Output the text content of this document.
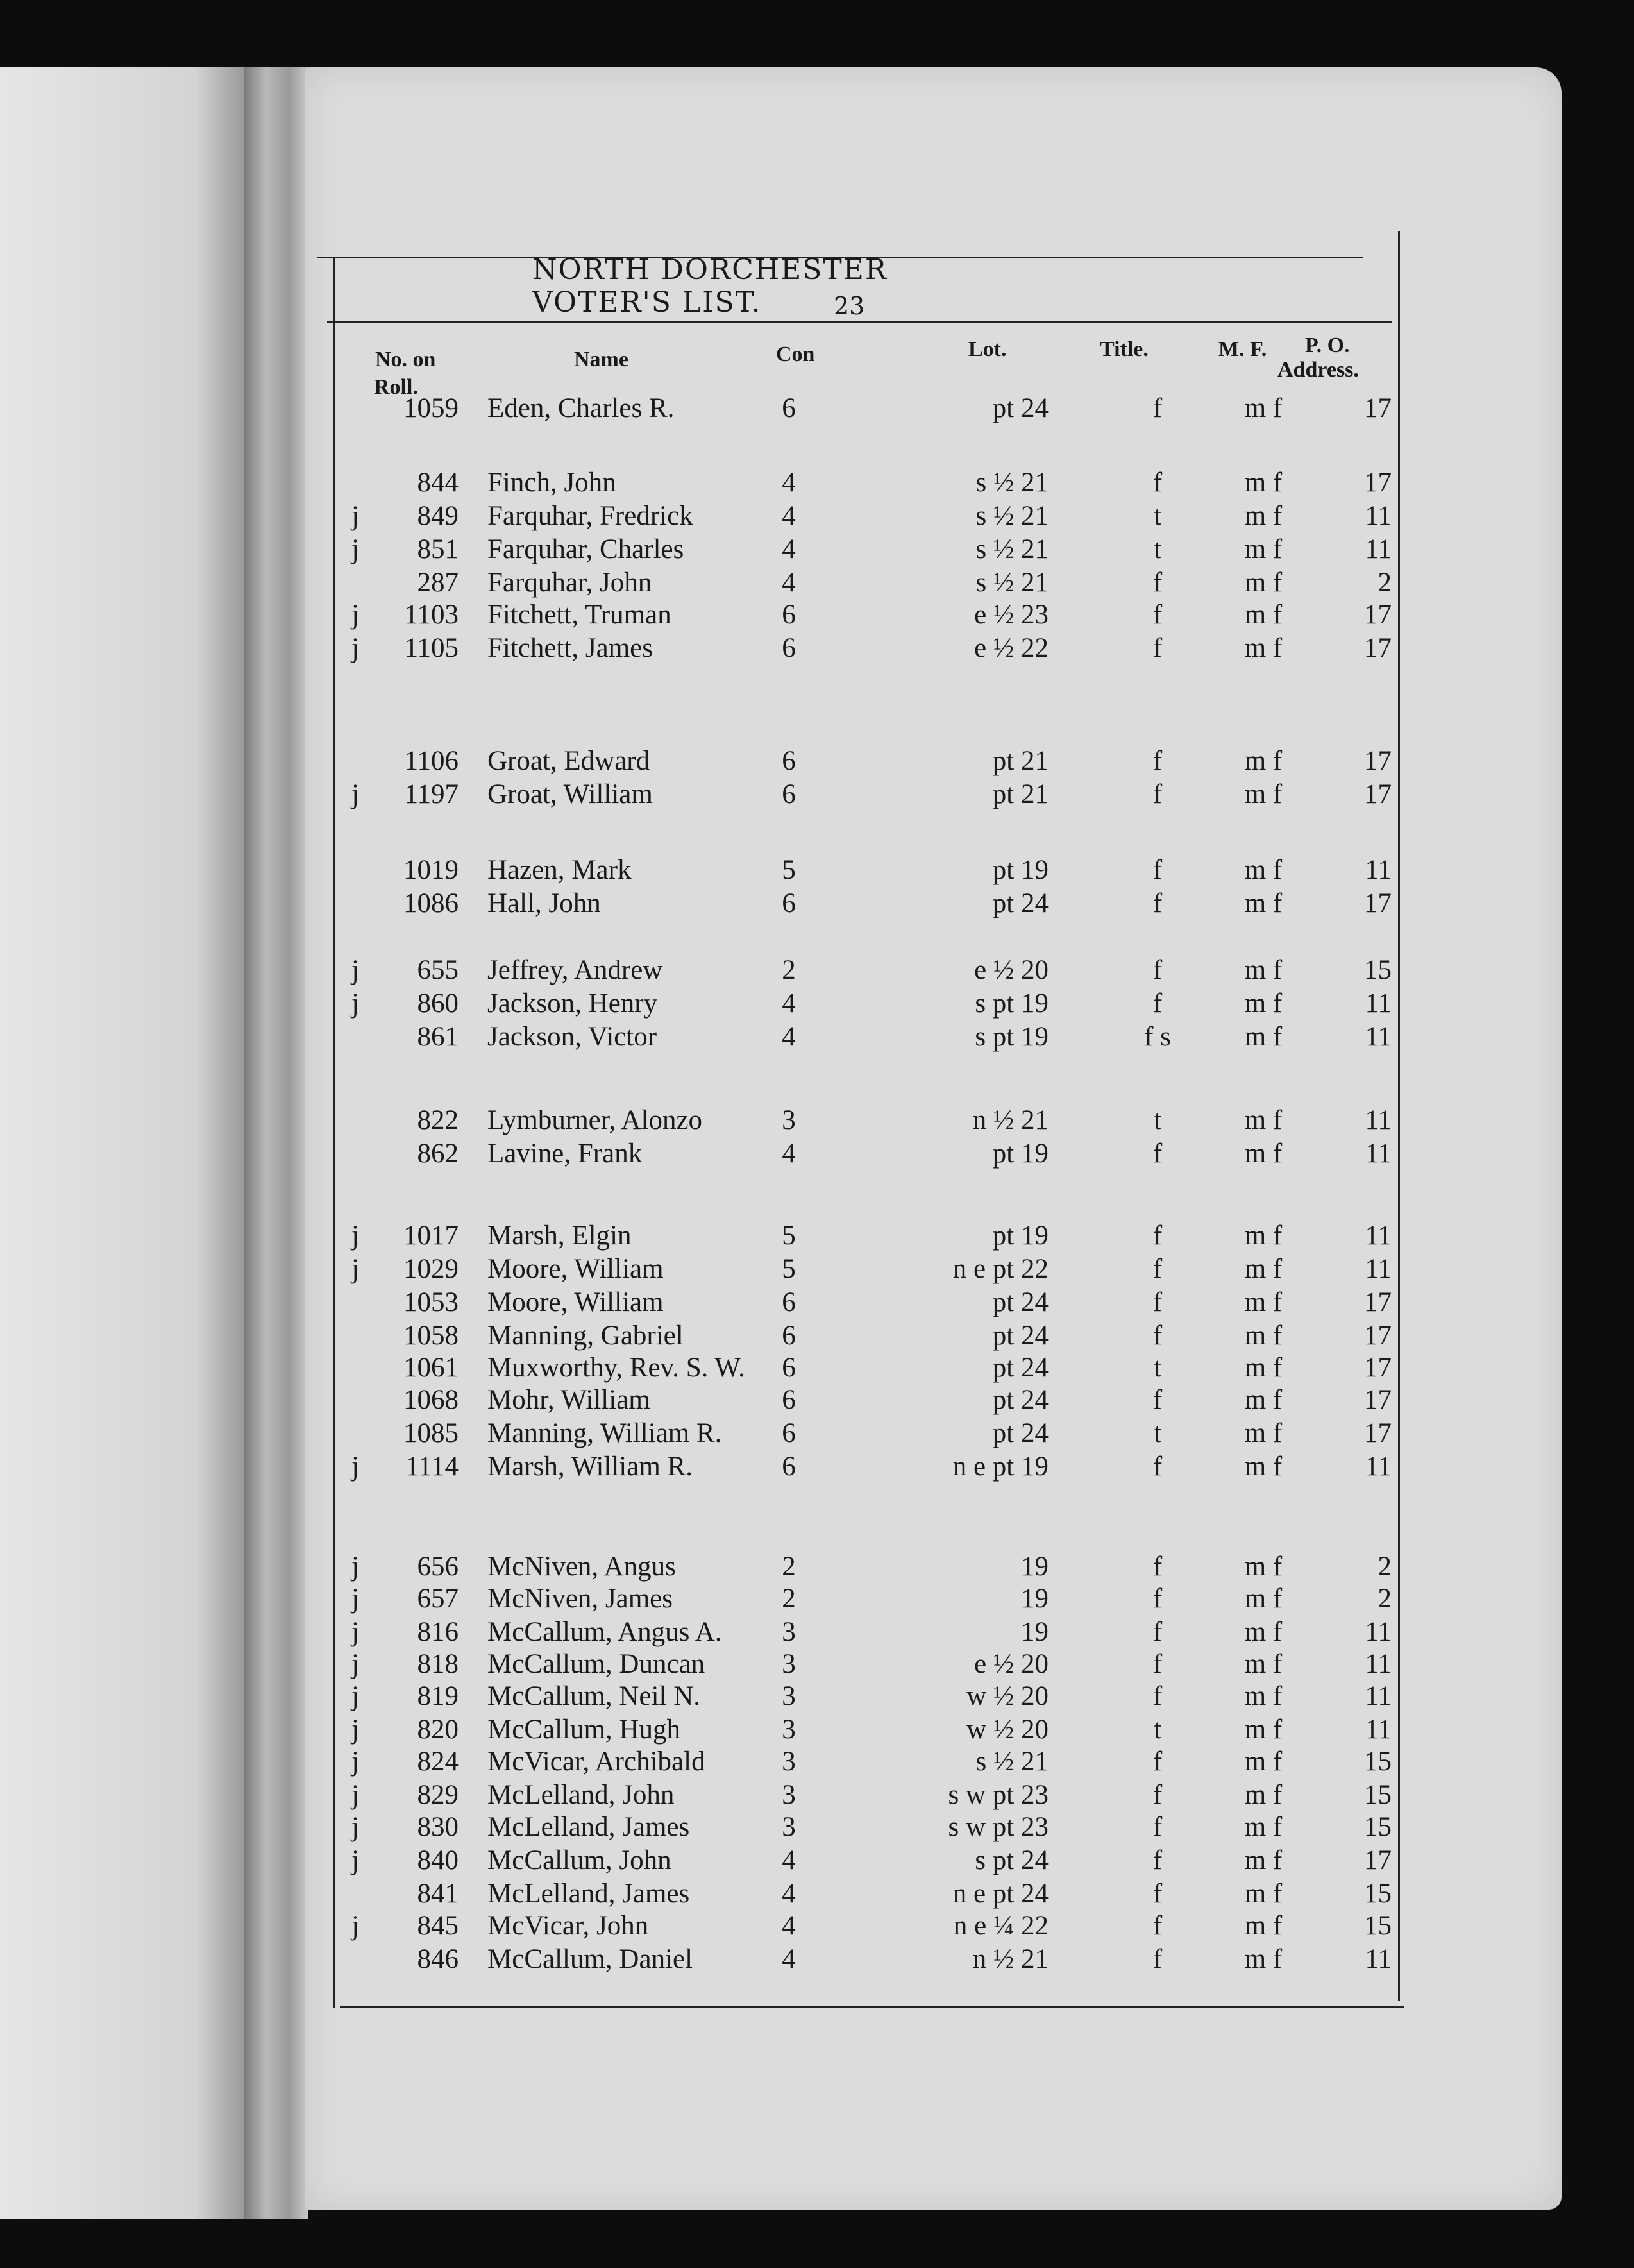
NORTH DORCHESTER VOTER'S LIST.	23
No. on
Roll.
Name	Con	Lot.	Title.	M. F. P. O.
Address.
1059 Eden, Charles R.	6	pt 24	f	m f	17
844 Finch, John	4	s ½ 21	f	m f	17
j	849 Farquhar, Fredrick	4	s ½ 21	t	m f	11
j	851 Farquhar, Charles	4	s ½ 21	t	m f	11
287 Farquhar, John	4	s ½ 21	f	m f	2
j	1103 Fitchett, Truman	6	e ½ 23	f	m f	17
j	1105 Fitchett, James	6	e ½ 22	f	m f	17
1106 Groat, Edward	6	pt 21	f	m f	17
j	1197 Groat, William	6	pt 21	f	m f	17
1019 Hazen, Mark	5	pt 19	f	m f	11
1086 Hall, John	6	pt 24	f	m f	17
j	655 Jeffrey, Andrew	2	e ½ 20	f	m f	15
j	860 Jackson, Henry	4	s pt 19	f	m f	11
861 Jackson, Victor	4	s pt 19	f s	m f	11
822 Lymburner, Alonzo	3	n ½ 21	t	m f	11
862 Lavine, Frank	4	pt 19	f	m f	11
j	1017 Marsh, Elgin	5	pt 19	f	m f	11
j	1029 Moore, William	5	n e pt 22	f	m f	11
1053 Moore, William	6	pt 24	f	m f	17
1058 Manning, Gabriel	6	pt 24	f	m f	17
1061 Muxworthy, Rev. S. W.	6	pt 24	t	m f	17
1068 Mohr, William	6	pt 24	f	m f	17
1085 Manning, William R.	6	pt 24	t	m f	17
j	1114 Marsh, William R.	6	n e pt 19	f	m f	11
j	656 McNiven, Angus	2	19	f	m f	2
j	657 McNiven, James	2	19	f	m f	2
j	816 McCallum, Angus A.	3	19	f	m f	11
j	818 McCallum, Duncan	3	e ½ 20	f	m f	11
j	819 McCallum, Neil N.	3	w ½ 20	f	m f	11
j	820 McCallum, Hugh	3	w ½ 20	t	m f	11
j	824 McVicar, Archibald	3	s ½ 21	f	m f	15
j	829 McLelland, John	3	s w pt 23	f	m f	15
j	830 McLelland, James	3	s w pt 23	f	m f	15
j	840 McCallum, John	4	s pt 24	f	m f	17
841 McLelland, James	4	n e pt 24	f	m f	15
j	845 McVicar, John	4	n e ¼ 22	f	m f	15
846 McCallum, Daniel	4	n ½ 21	f	m f	11
